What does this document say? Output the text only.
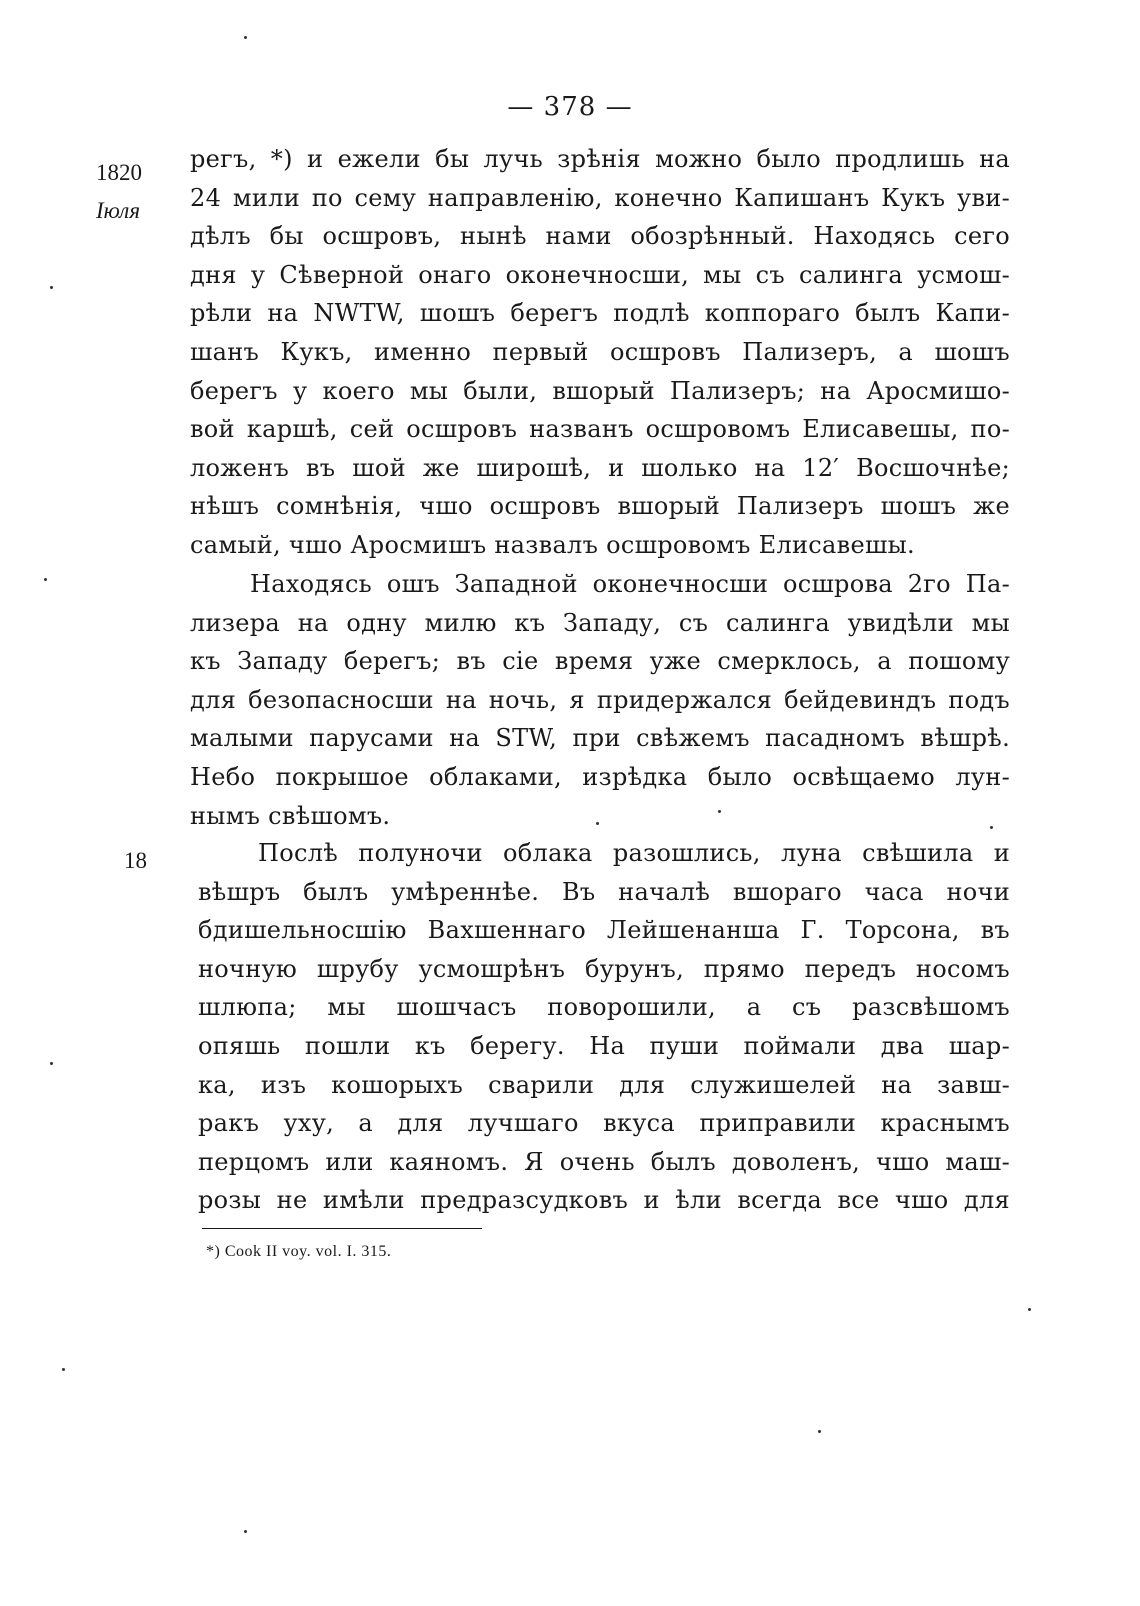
— 378 —
1820
Iюля
18
регъ, *) и ежели бы лучь зрѣнія можно было продлишь на
24 мили по сему направленію, конечно Капишанъ Кукъ уви-
дѣлъ бы осшровъ, нынѣ нами обозрѣнный. Находясь сего
дня у Сѣверной онаго оконечносши, мы съ салинга усмош-
рѣли на NWTW, шошъ берегъ подлѣ коппораго былъ Капи-
шанъ Кукъ, именно первый осшровъ Пализеръ, а шошъ
берегъ у коего мы были, вшорый Пализеръ; на Аросмишо-
вой каршѣ, сей осшровъ названъ осшровомъ Елисавешы, по-
ложенъ въ шой же широшѣ, и шолько на 12′ Восшочнѣе;
нѣшъ сомнѣнія, чшо осшровъ вшорый Пализеръ шошъ же
самый, чшо Аросмишъ назвалъ осшровомъ Елисавешы.
Находясь ошъ Западной оконечносши осшрова 2го Па-
лизера на одну милю къ Западу, съ салинга увидѣли мы
къ Западу берегъ; въ сіе время уже смерклось, а пошому
для безопасносши на ночь, я придержался бейдевиндъ подъ
малыми парусами на STW, при свѣжемъ пасадномъ вѣшрѣ.
Небо покрышое облаками, изрѣдка было освѣщаемо лун-
нымъ свѣшомъ.
Послѣ полуночи облака разошлись, луна свѣшила и
вѣшръ былъ умѣреннѣе. Въ началѣ вшораго часа ночи
бдишельносшію Вахшеннаго Лейшенанша Г. Торсона, въ
ночную шрубу усмошрѣнъ бурунъ, прямо передъ носомъ
шлюпа; мы шошчасъ поворошили, а съ разсвѣшомъ
опяшь пошли къ берегу. На пуши поймали два шар-
ка, изъ кошорыхъ сварили для служишелей на завш-
ракъ уху, а для лучшаго вкуса приправили краснымъ
перцомъ или каяномъ. Я очень былъ доволенъ, чшо маш-
розы не имѣли предразсудковъ и ѣли всегда все чшо для
*) Cook II voy. vol. I. 315.
